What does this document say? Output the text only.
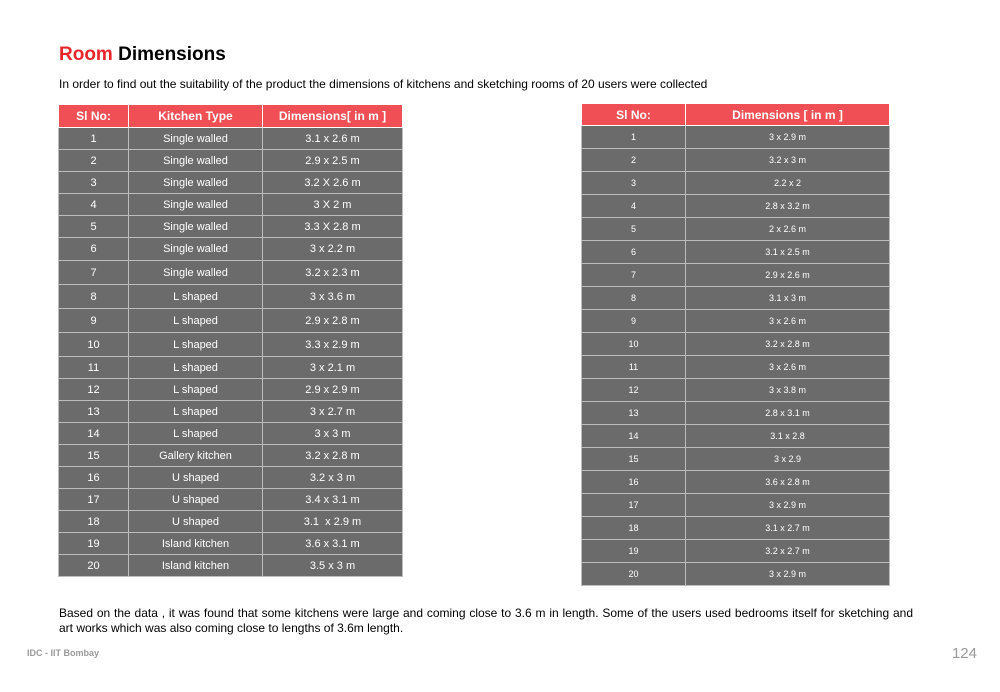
Room Dimensions

In order to find out the suitability of the product the dimensions of kitchens and sketching rooms of 20 users were collected

Sl No:	Kitchen Type	Dimensions[ in m ]
1	Single walled	3.1 x 2.6 m
2	Single walled	2.9 x 2.5 m
3	Single walled	3.2 X 2.6 m
4	Single walled	3 X 2 m
5	Single walled	3.3 X 2.8 m
6	Single walled	3 x 2.2 m
7	Single walled	3.2 x 2.3 m
8	L shaped	3 x 3.6 m
9	L shaped	2.9 x 2.8 m
10	L shaped	3.3 x 2.9 m
11	L shaped	3 x 2.1 m
12	L shaped	2.9 x 2.9 m
13	L shaped	3 x 2.7 m
14	L shaped	3 x 3 m
15	Gallery kitchen	3.2 x 2.8 m
16	U shaped	3.2 x 3 m
17	U shaped	3.4 x 3.1 m
18	U shaped	3.1  x 2.9 m
19	Island kitchen	3.6 x 3.1 m
20	Island kitchen	3.5 x 3 m
Sl No:	Dimensions [ in m ]
1	3 x 2.9 m
2	3.2 x 3 m
3	2.2 x 2
4	2.8 x 3.2 m
5	2 x 2.6 m
6	3.1 x 2.5 m
7	2.9 x 2.6 m
8	3.1 x 3 m
9	3 x 2.6 m
10	3.2 x 2.8 m
11	3 x 2.6 m
12	3 x 3.8 m
13	2.8 x 3.1 m
14	3.1 x 2.8
15	3 x 2.9
16	3.6 x 2.8 m
17	3 x 2.9 m
18	3.1 x 2.7 m
19	3.2 x 2.7 m
20	3 x 2.9 m

Based on the data , it was found that some kitchens were large and coming close to 3.6 m in length. Some of the users used bedrooms itself for sketching and art works which was also coming close to lengths of 3.6m length.

IDC - IIT Bombay	124
